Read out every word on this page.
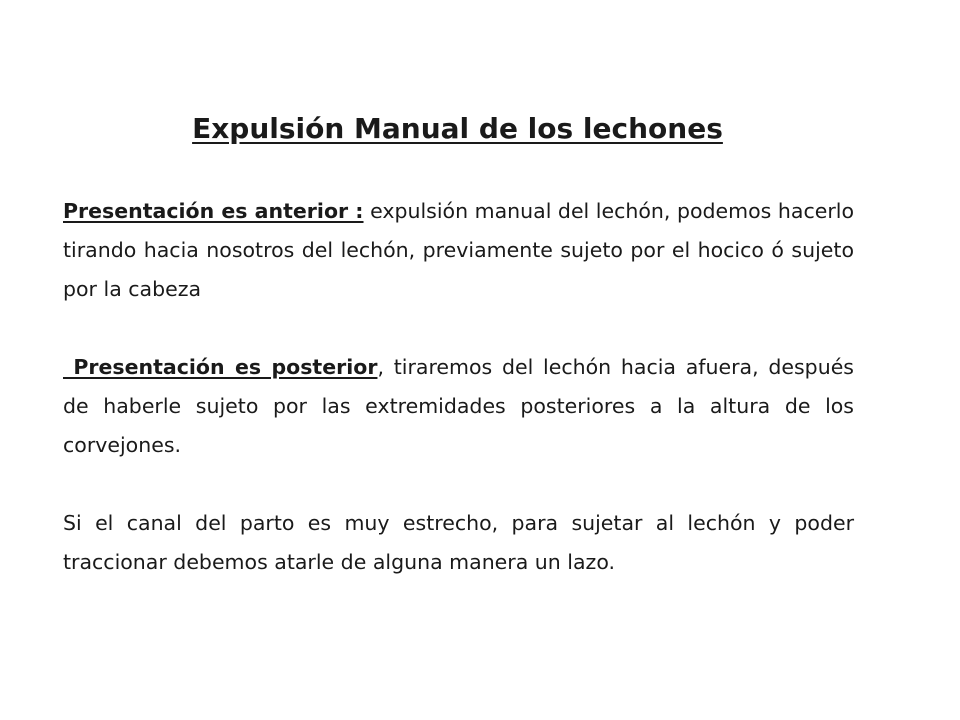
Expulsión Manual de los lechones

Presentación es anterior : expulsión manual del lechón, podemos hacerlo tirando hacia nosotros del lechón, previamente sujeto por el hocico ó sujeto por la cabeza

Presentación es posterior, tiraremos del lechón hacia afuera, después de haberle sujeto por las extremidades posteriores a la altura de los corvejones.

Si el canal del parto es muy estrecho, para sujetar al lechón y poder traccionar debemos atarle de alguna manera un lazo.
